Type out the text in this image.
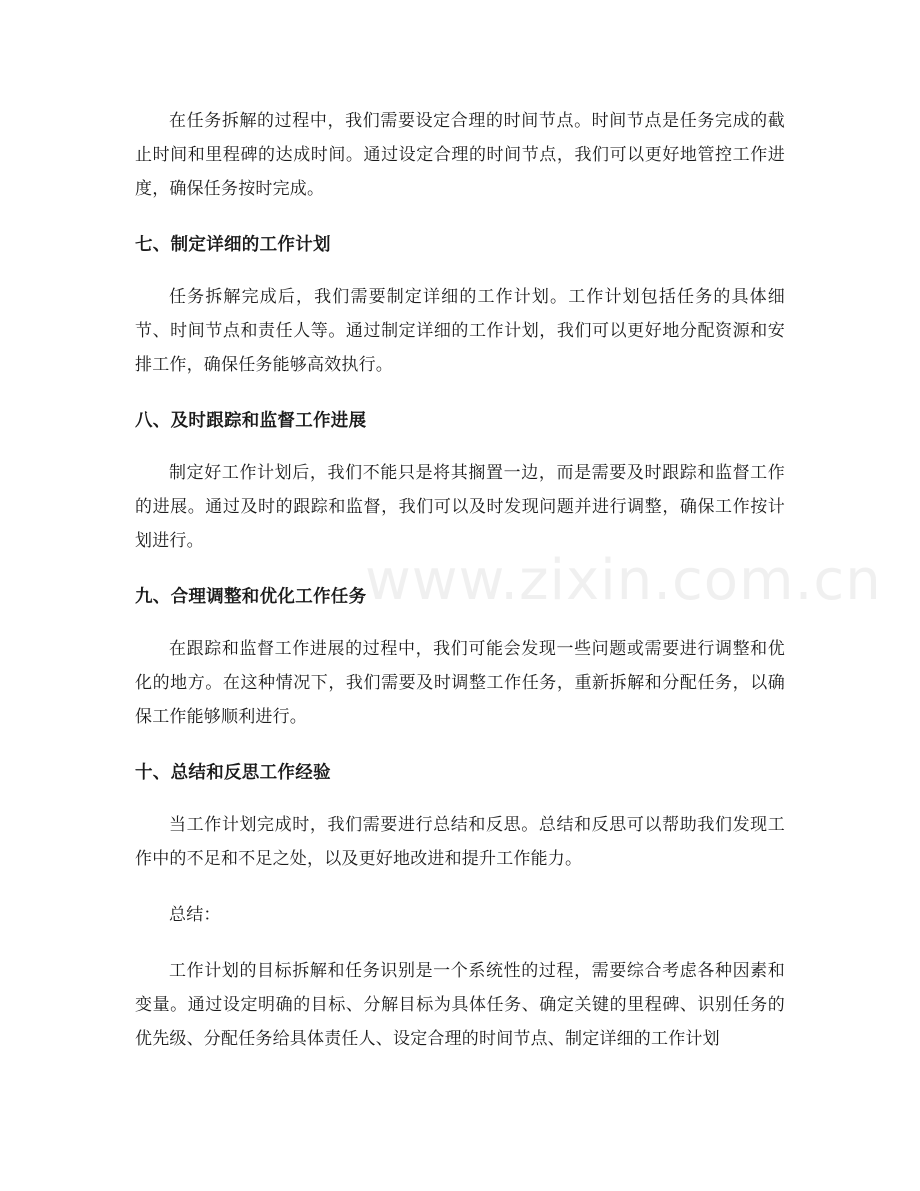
在任务拆解的过程中，我们需要设定合理的时间节点。时间节点是任务完成的截止时间和里程碑的达成时间。通过设定合理的时间节点，我们可以更好地管控工作进度，确保任务按时完成。

七、制定详细的工作计划

任务拆解完成后，我们需要制定详细的工作计划。工作计划包括任务的具体细节、时间节点和责任人等。通过制定详细的工作计划，我们可以更好地分配资源和安排工作，确保任务能够高效执行。

八、及时跟踪和监督工作进展

制定好工作计划后，我们不能只是将其搁置一边，而是需要及时跟踪和监督工作的进展。通过及时的跟踪和监督，我们可以及时发现问题并进行调整，确保工作按计划进行。

九、合理调整和优化工作任务

在跟踪和监督工作进展的过程中，我们可能会发现一些问题或需要进行调整和优化的地方。在这种情况下，我们需要及时调整工作任务，重新拆解和分配任务，以确保工作能够顺利进行。

十、总结和反思工作经验

当工作计划完成时，我们需要进行总结和反思。总结和反思可以帮助我们发现工作中的不足和不足之处，以及更好地改进和提升工作能力。

总结：

工作计划的目标拆解和任务识别是一个系统性的过程，需要综合考虑各种因素和变量。通过设定明确的目标、分解目标为具体任务、确定关键的里程碑、识别任务的优先级、分配任务给具体责任人、设定合理的时间节点、制定详细的工作计划

www.zixin.com.cn
